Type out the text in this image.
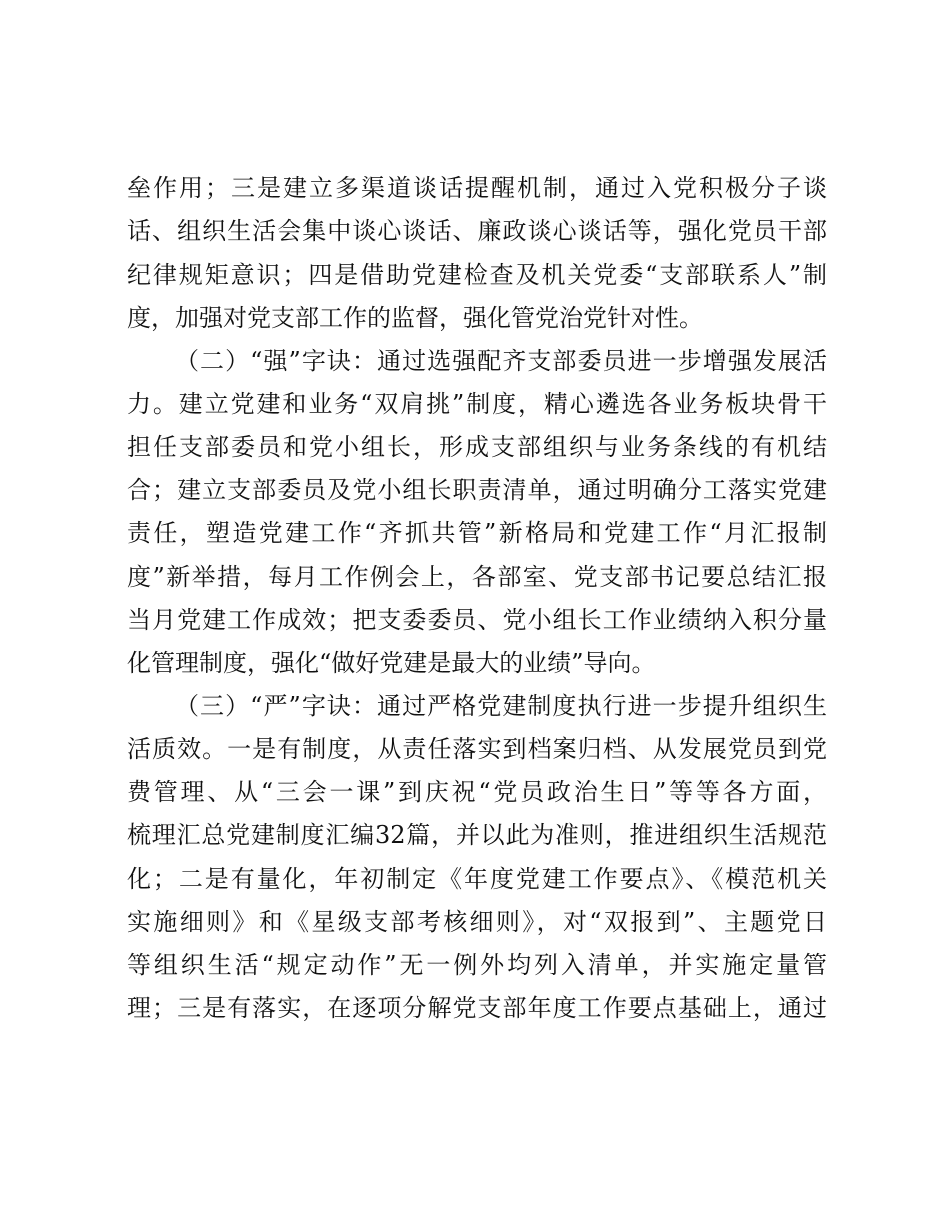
垒作用；三是建立多渠道谈话提醒机制，通过入党积极分子谈
话、组织生活会集中谈心谈话、廉政谈心谈话等，强化党员干部
纪律规矩意识；四是借助党建检查及机关党委“支部联系人”制
度，加强对党支部工作的监督，强化管党治党针对性。
（二）“强”字诀：通过选强配齐支部委员进一步增强发展活
力。建立党建和业务“双肩挑”制度，精心遴选各业务板块骨干
担任支部委员和党小组长，形成支部组织与业务条线的有机结
合；建立支部委员及党小组长职责清单，通过明确分工落实党建
责任，塑造党建工作“齐抓共管”新格局和党建工作“月汇报制
度”新举措，每月工作例会上，各部室、党支部书记要总结汇报
当月党建工作成效；把支委委员、党小组长工作业绩纳入积分量
化管理制度，强化“做好党建是最大的业绩”导向。
（三）“严”字诀：通过严格党建制度执行进一步提升组织生
活质效。一是有制度，从责任落实到档案归档、从发展党员到党
费管理、从“三会一课”到庆祝“党员政治生日”等等各方面，
梳理汇总党建制度汇编32篇，并以此为准则，推进组织生活规范
化；二是有量化，年初制定《年度党建工作要点》、《模范机关
实施细则》和《星级支部考核细则》，对“双报到”、主题党日
等组织生活“规定动作”无一例外均列入清单，并实施定量管
理；三是有落实，在逐项分解党支部年度工作要点基础上，通过
